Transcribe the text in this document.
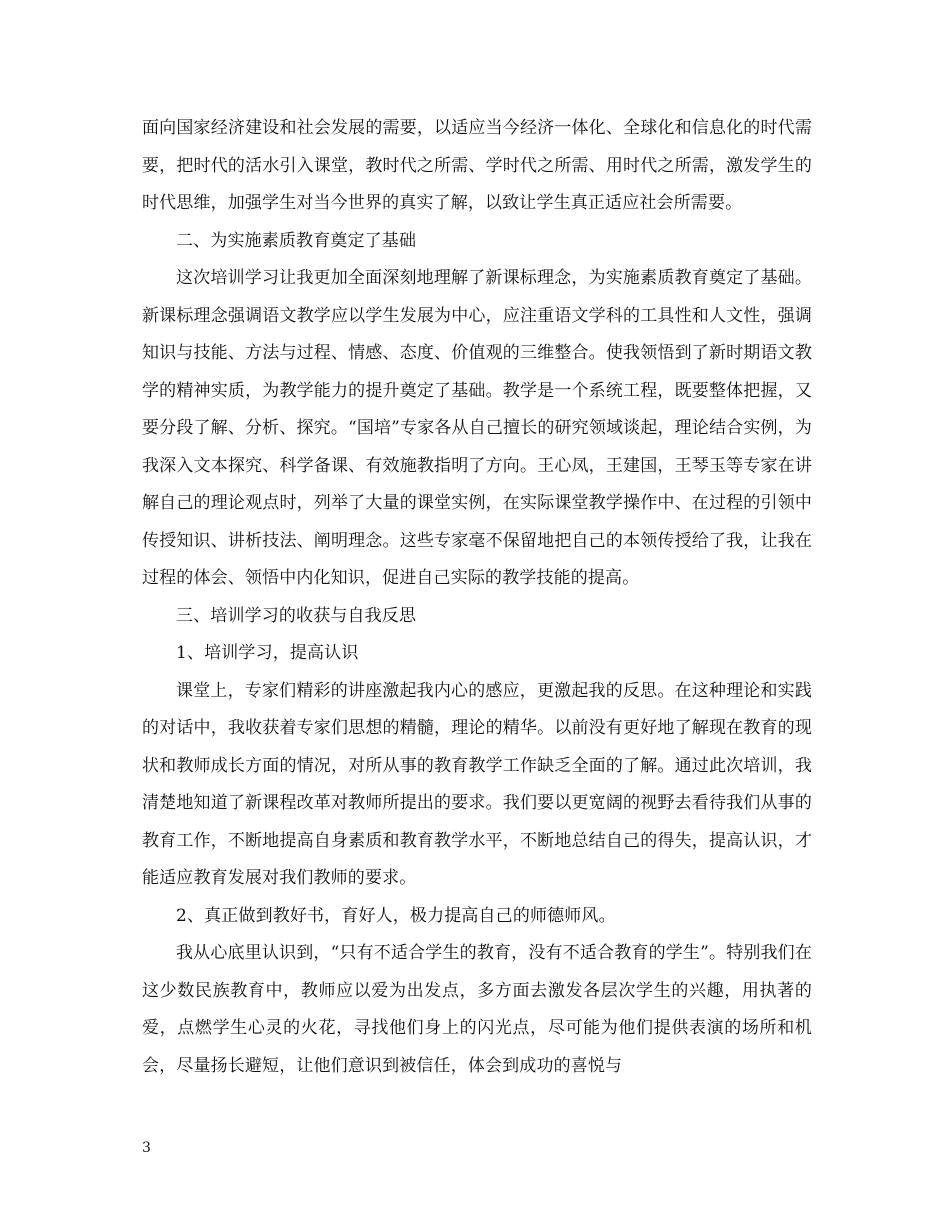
面向国家经济建设和社会发展的需要，以适应当今经济一体化、全球化和信息化的时代需要，把时代的活水引入课堂，教时代之所需、学时代之所需、用时代之所需，激发学生的时代思维，加强学生对当今世界的真实了解，以致让学生真正适应社会所需要。

二、为实施素质教育奠定了基础

这次培训学习让我更加全面深刻地理解了新课标理念，为实施素质教育奠定了基础。新课标理念强调语文教学应以学生发展为中心，应注重语文学科的工具性和人文性，强调知识与技能、方法与过程、情感、态度、价值观的三维整合。使我领悟到了新时期语文教学的精神实质，为教学能力的提升奠定了基础。教学是一个系统工程，既要整体把握，又要分段了解、分析、探究。“国培”专家各从自己擅长的研究领域谈起，理论结合实例，为我深入文本探究、科学备课、有效施教指明了方向。王心凤，王建国，王琴玉等专家在讲解自己的理论观点时，列举了大量的课堂实例，在实际课堂教学操作中、在过程的引领中传授知识、讲析技法、阐明理念。这些专家毫不保留地把自己的本领传授给了我，让我在过程的体会、领悟中内化知识，促进自己实际的教学技能的提高。

三、培训学习的收获与自我反思

1、培训学习，提高认识

课堂上，专家们精彩的讲座激起我内心的感应，更激起我的反思。在这种理论和实践的对话中，我收获着专家们思想的精髓，理论的精华。以前没有更好地了解现在教育的现状和教师成长方面的情况，对所从事的教育教学工作缺乏全面的了解。通过此次培训，我清楚地知道了新课程改革对教师所提出的要求。我们要以更宽阔的视野去看待我们从事的教育工作，不断地提高自身素质和教育教学水平，不断地总结自己的得失，提高认识，才能适应教育发展对我们教师的要求。

2、真正做到教好书，育好人，极力提高自己的师德师风。

我从心底里认识到，“只有不适合学生的教育，没有不适合教育的学生”。特别我们在这少数民族教育中，教师应以爱为出发点，多方面去激发各层次学生的兴趣，用执著的爱，点燃学生心灵的火花，寻找他们身上的闪光点，尽可能为他们提供表演的场所和机会，尽量扬长避短，让他们意识到被信任，体会到成功的喜悦与

3
